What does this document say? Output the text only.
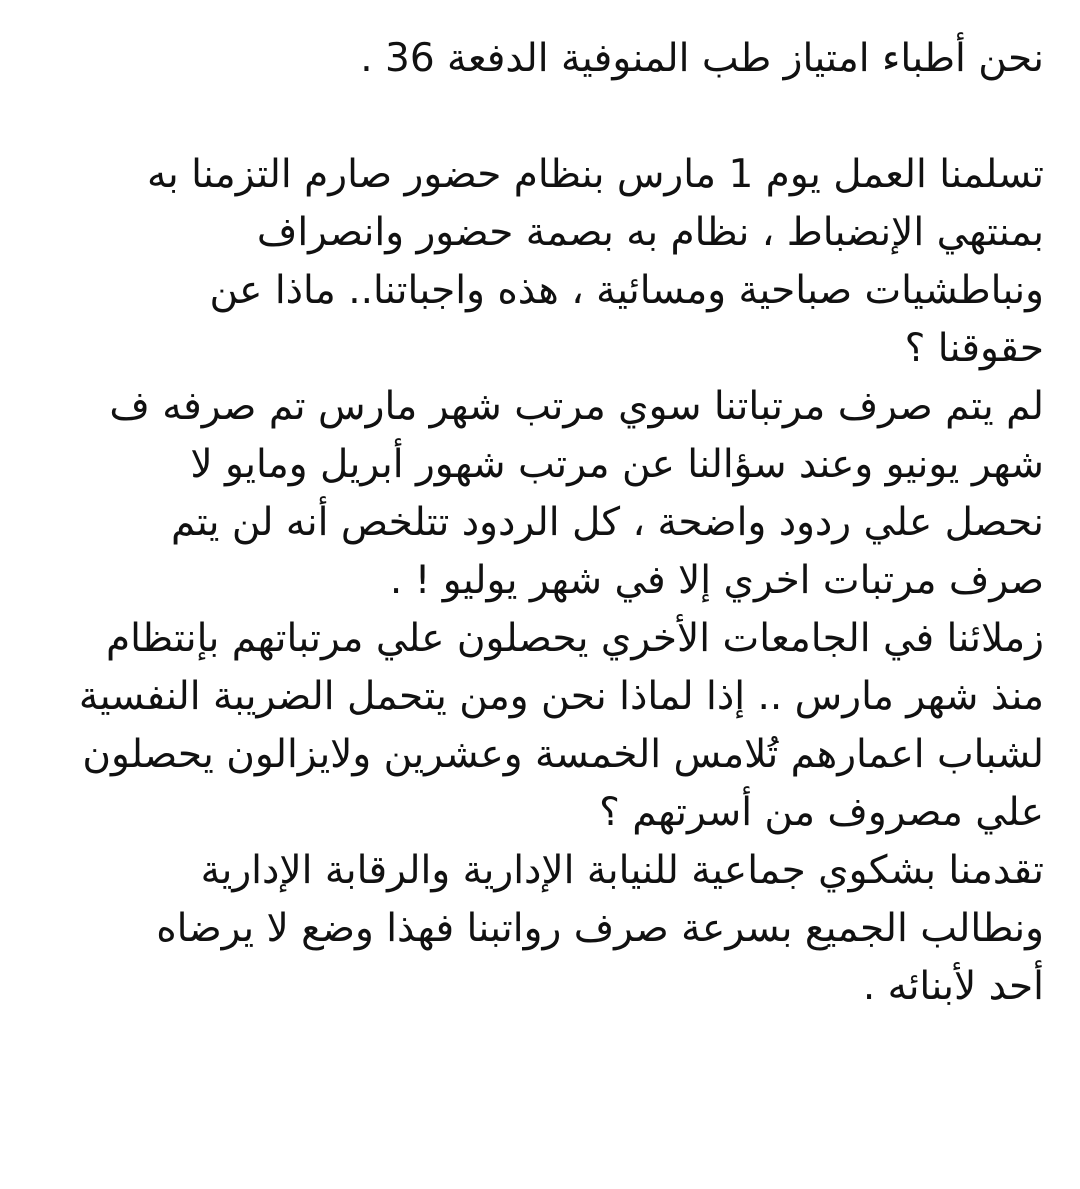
نحن أطباء امتياز طب المنوفية الدفعة 36 .
تسلمنا العمل يوم 1 مارس بنظام حضور صارم التزمنا به
بمنتهي الإنضباط ، نظام به بصمة حضور وانصراف
ونباطشيات صباحية ومسائية ، هذه واجباتنا.. ماذا عن
حقوقنا ؟
لم يتم صرف مرتباتنا سوي مرتب شهر مارس تم صرفه ف
شهر يونيو وعند سؤالنا عن مرتب شهور أبريل ومايو لا
نحصل علي ردود واضحة ، كل الردود تتلخص أنه لن يتم
صرف مرتبات اخري إلا في شهر يوليو ! .
زملائنا في الجامعات الأخري يحصلون علي مرتباتهم بإنتظام
منذ شهر مارس .. إذا لماذا نحن ومن يتحمل الضريبة النفسية
لشباب اعمارهم تُلامس الخمسة وعشرين ولايزالون يحصلون
علي مصروف من أسرتهم ؟
تقدمنا بشكوي جماعية للنيابة الإدارية والرقابة الإدارية
ونطالب الجميع بسرعة صرف رواتبنا فهذا وضع لا يرضاه
أحد لأبنائه .
